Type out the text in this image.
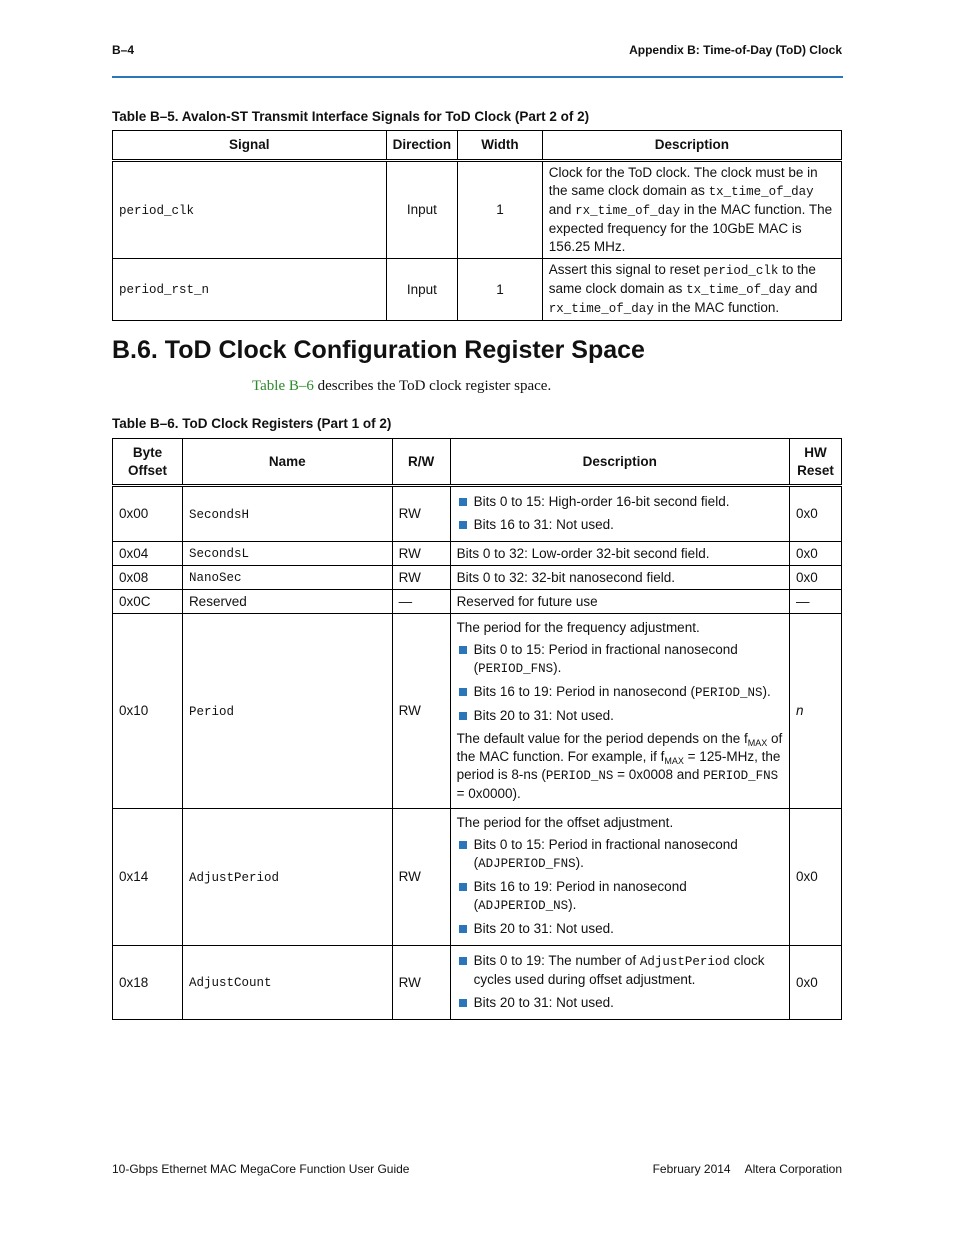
B–4	Appendix B: Time-of-Day (ToD) Clock
Table B–5. Avalon-ST Transmit Interface Signals for ToD Clock (Part 2 of 2)
Signal	Direction	Width	Description
period_clk	Input	1	Clock for the ToD clock. The clock must be in the same clock domain as tx_time_of_day and rx_time_of_day in the MAC function. The expected frequency for the 10GbE MAC is 156.25 MHz.
period_rst_n	Input	1	Assert this signal to reset period_clk to the same clock domain as tx_time_of_day and rx_time_of_day in the MAC function.
B.6. ToD Clock Configuration Register Space
Table B–6 describes the ToD clock register space.
Table B–6. ToD Clock Registers (Part 1 of 2)
Byte Offset	Name	R/W	Description	HW Reset
0x00	SecondsH	RW	Bits 0 to 15: High-order 16-bit second field.
Bits 16 to 31: Not used.	0x0
0x04	SecondsL	RW	Bits 0 to 32: Low-order 32-bit second field.	0x0
0x08	NanoSec	RW	Bits 0 to 32: 32-bit nanosecond field.	0x0
0x0C	Reserved	—	Reserved for future use	—
0x10	Period	RW	The period for the frequency adjustment.

Bits 0 to 15: Period in fractional nanosecond (PERIOD_FNS).
Bits 16 to 19: Period in nanosecond (PERIOD_NS).
Bits 20 to 31: Not used.

The default value for the period depends on the $f_{MAX}$ of the MAC function. For example, if $f_{MAX} = 125-MHz$, the period is 8-ns (PERIOD_NS = 0x0008 and PERIOD_FNS = 0x0000).	n
0x14	AdjustPeriod	RW	The period for the offset adjustment.

Bits 0 to 15: Period in fractional nanosecond (ADJPERIOD_FNS).
Bits 16 to 19: Period in nanosecond (ADJPERIOD_NS).
Bits 20 to 31: Not used.	0x0
0x18	AdjustCount	RW	Bits 0 to 19: The number of AdjustPeriod clock cycles used during offset adjustment.
Bits 20 to 31: Not used.	0x0
10-Gbps Ethernet MAC MegaCore Function User Guide	February 2014 Altera Corporation
